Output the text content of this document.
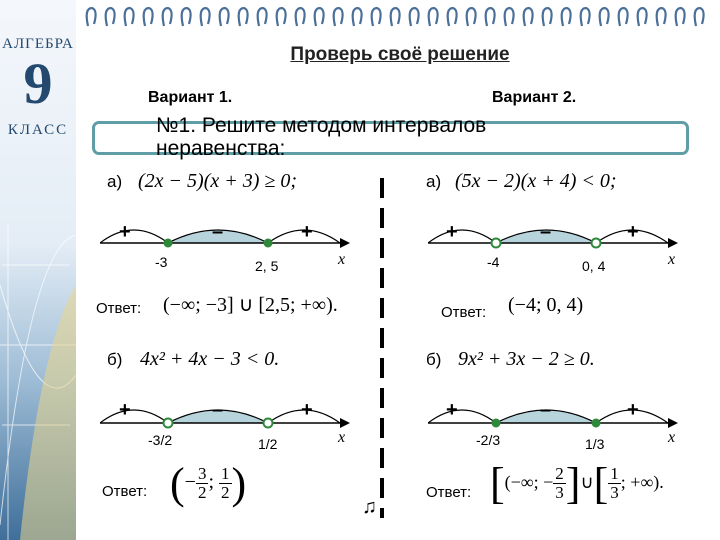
АЛГЕБРА
9
КЛАСС
Проверь своё решение
Вариант 1.	Вариант 2.
№1. Решите методом интервалов неравенства:
а) (2x − 5)(x + 3) ≥ 0;
+	–	+
-3	2, 5	x
Ответ: (−∞; −3] ∪ [2,5; +∞).
б) 4x² + 4x − 3 < 0.
+	–	+
-3/2	1/2	x
Ответ: (− $\frac{3}{2}$ ; $\frac{1}{2}$ )
а) (5x − 2)(x + 4) < 0;
+	–	+
-4	0, 4	x
Ответ: (−4; 0, 4)
б) 9x² + 3x − 2 ≥ 0.
+	–	+
-2/3	1/3	x
Ответ: [(−∞; − $\frac{2}{3}$ ]∪[ $\frac{1}{3}$ ; +∞).
♫
